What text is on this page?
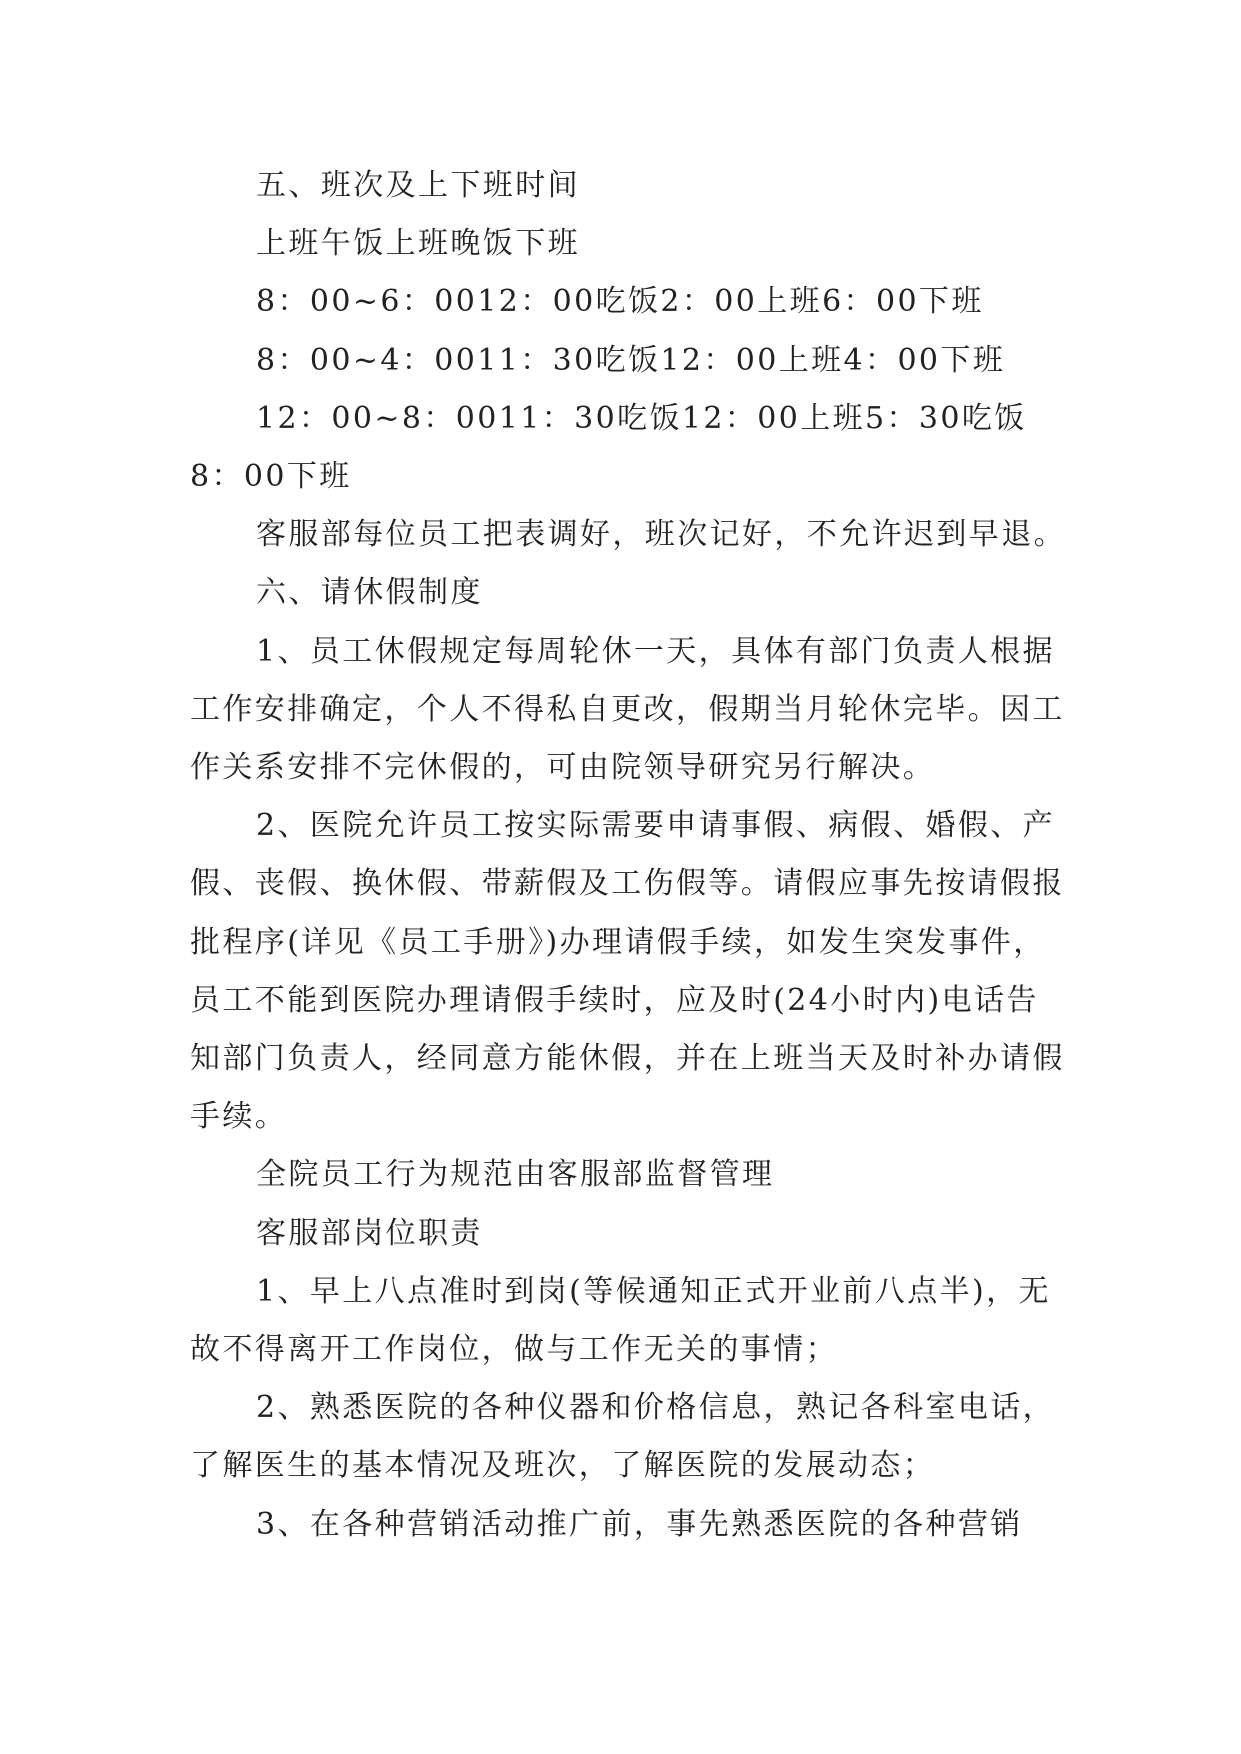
五、班次及上下班时间

上班午饭上班晚饭下班

8：00~6：0012：00吃饭2：00上班6：00下班

8：00~4：0011：30吃饭12：00上班4：00下班

12：00~8：0011：30吃饭12：00上班5：30吃饭8：00下班

客服部每位员工把表调好，班次记好，不允许迟到早退。

六、请休假制度

1、员工休假规定每周轮休一天，具体有部门负责人根据工作安排确定，个人不得私自更改，假期当月轮休完毕。因工作关系安排不完休假的，可由院领导研究另行解决。

2、医院允许员工按实际需要申请事假、病假、婚假、产假、丧假、换休假、带薪假及工伤假等。请假应事先按请假报批程序(详见《员工手册》)办理请假手续，如发生突发事件，员工不能到医院办理请假手续时，应及时(24小时内)电话告知部门负责人，经同意方能休假，并在上班当天及时补办请假手续。

全院员工行为规范由客服部监督管理

客服部岗位职责

1、早上八点准时到岗(等候通知正式开业前八点半)，无故不得离开工作岗位，做与工作无关的事情；

2、熟悉医院的各种仪器和价格信息，熟记各科室电话，了解医生的基本情况及班次，了解医院的发展动态；

3、在各种营销活动推广前，事先熟悉医院的各种营销
